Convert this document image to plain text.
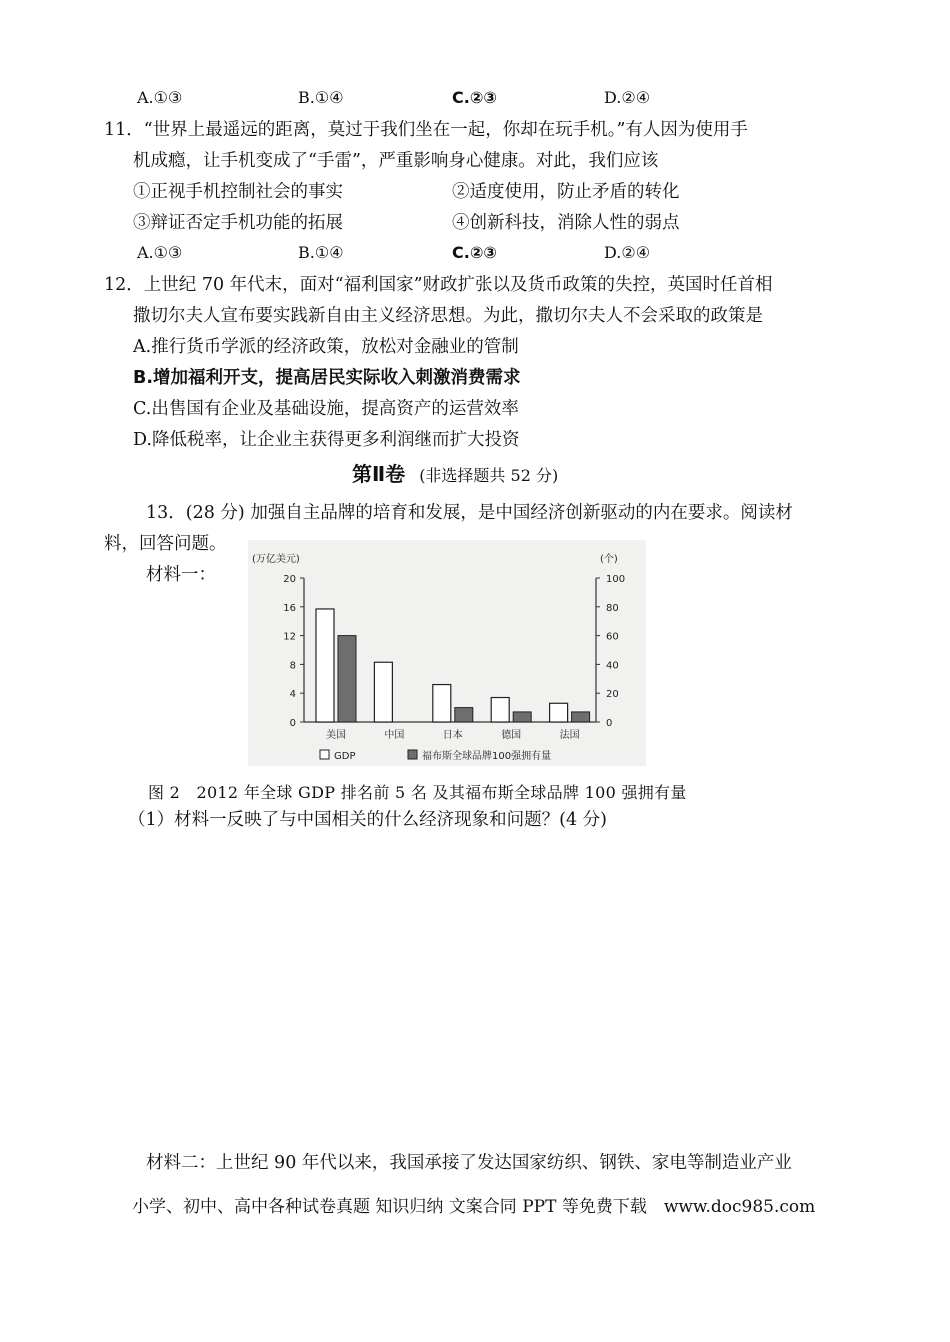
A.①③	B.①④	C.②③	D.②④
11．“世界上最遥远的距离，莫过于我们坐在一起，你却在玩手机。”有人因为使用手
机成瘾，让手机变成了“手雷”，严重影响身心健康。对此，我们应该
①正视手机控制社会的事实	②适度使用，防止矛盾的转化
③辩证否定手机功能的拓展	④创新科技，消除人性的弱点
A.①③	B.①④	C.②③	D.②④
12．上世纪 70 年代末，面对“福利国家”财政扩张以及货币政策的失控，英国时任首相
撒切尔夫人宣布要实践新自由主义经济思想。为此，撒切尔夫人不会采取的政策是
A.推行货币学派的经济政策，放松对金融业的管制
B.增加福利开支，提高居民实际收入刺激消费需求
C.出售国有企业及基础设施，提高资产的运营效率
D.降低税率，让企业主获得更多利润继而扩大投资
第Ⅱ卷 (非选择题共 52 分)
13．(28 分) 加强自主品牌的培育和发展，是中国经济创新驱动的内在要求。阅读材
料，回答问题。
材料一：
(万亿美元)	(个)
20
16
12
8
4
0
100
80
60
40
20
0
美国	中国	日本	德国	法国
GDP	福布斯全球品牌100强拥有量
图 2　2012 年全球 GDP 排名前 5 名 及其福布斯全球品牌 100 强拥有量
（1）材料一反映了与中国相关的什么经济现象和问题？(4 分)
材料二：上世纪 90 年代以来，我国承接了发达国家纺织、钢铁、家电等制造业产业
小学、初中、高中各种试卷真题 知识归纳 文案合同 PPT 等免费下载　www.doc985.com
